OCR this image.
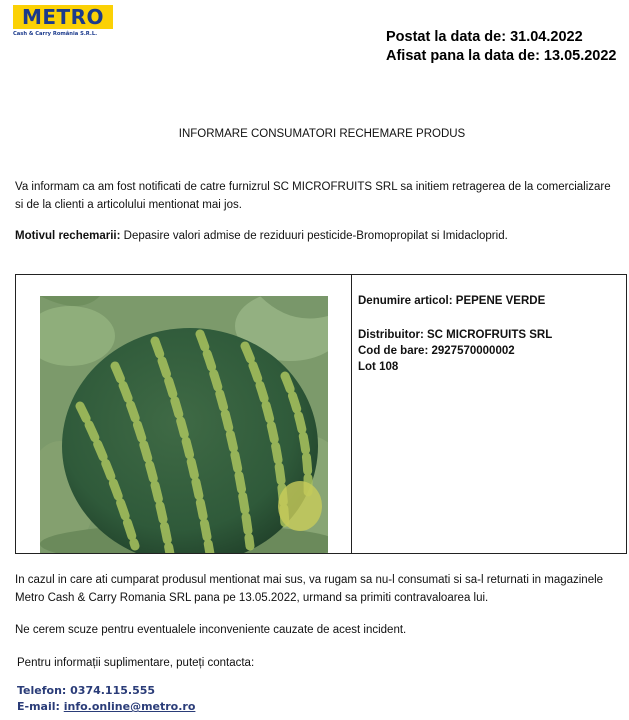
METRO
Cash & Carry România S.R.L.	Postat la data de: 31.04.2022
Afisat pana la data de: 13.05.2022
INFORMARE CONSUMATORI RECHEMARE PRODUS
Va informam ca am fost notificati de catre furnizrul SC MICROFRUITS SRL sa initiem retragerea de la comercializare si de la clienti a articolului mentionat mai jos.
Motivul rechemarii: Depasire valori admise de reziduuri pesticide-Bromopropilat si Imidacloprid.
Denumire articol: PEPENE VERDE
Distribuitor: SC MICROFRUITS SRL
Cod de bare: 2927570000002
Lot 108
In cazul in care ati cumparat produsul mentionat mai sus, va rugam sa nu-l consumati si sa-l returnati in magazinele Metro Cash & Carry Romania SRL pana pe 13.05.2022, urmand sa primiti contravaloarea lui.
Ne cerem scuze pentru eventualele inconveniente cauzate de acest incident.
Pentru informații suplimentare, puteți contacta:
Telefon: 0374.115.555
E-mail: info.online@metro.ro
